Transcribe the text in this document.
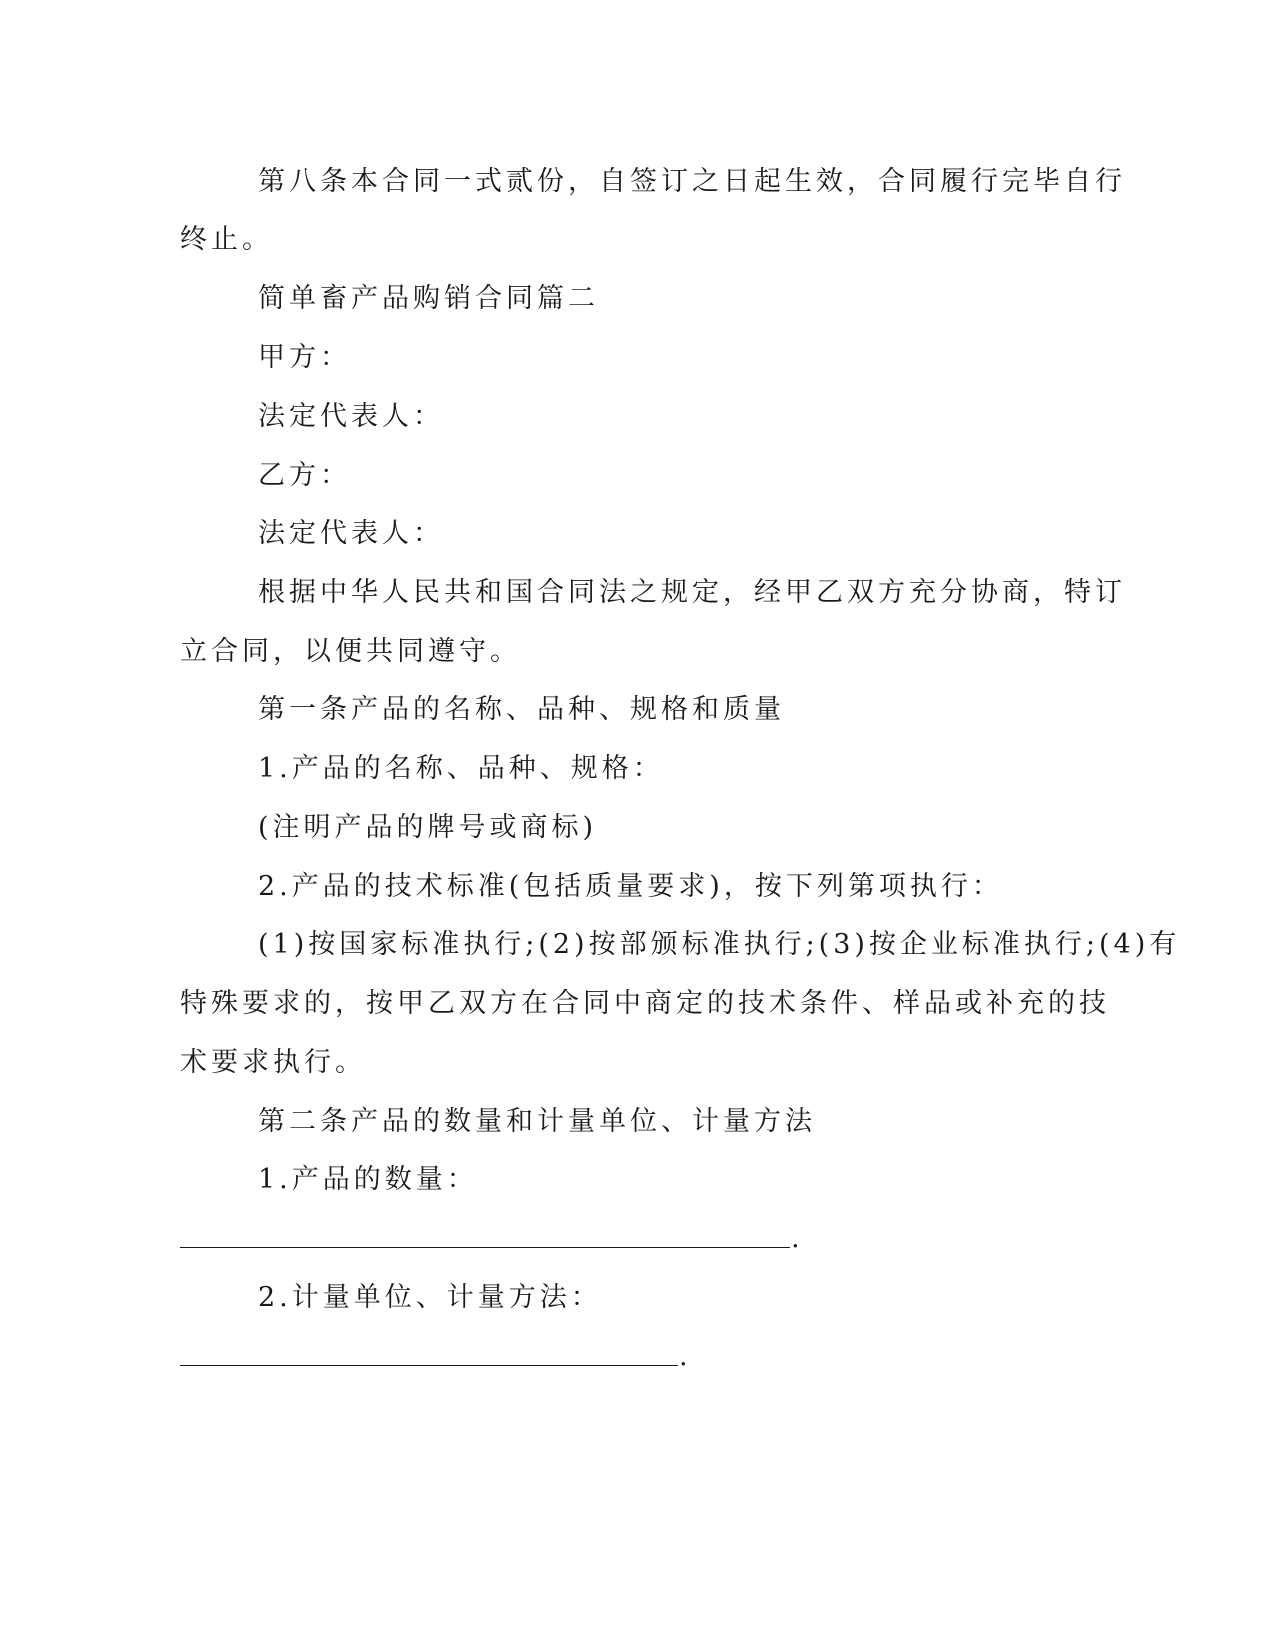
第八条本合同一式贰份，自签订之日起生效，合同履行完毕自行

终止。

简单畜产品购销合同篇二

甲方：

法定代表人：

乙方：

法定代表人：

根据中华人民共和国合同法之规定，经甲乙双方充分协商，特订

立合同，以便共同遵守。

第一条产品的名称、品种、规格和质量

1.产品的名称、品种、规格：

(注明产品的牌号或商标)

2.产品的技术标准(包括质量要求)，按下列第项执行：

(1)按国家标准执行;(2)按部颁标准执行;(3)按企业标准执行;(4)有

特殊要求的，按甲乙双方在合同中商定的技术条件、样品或补充的技

术要求执行。

第二条产品的数量和计量单位、计量方法

1.产品的数量：

.

2.计量单位、计量方法：

.
